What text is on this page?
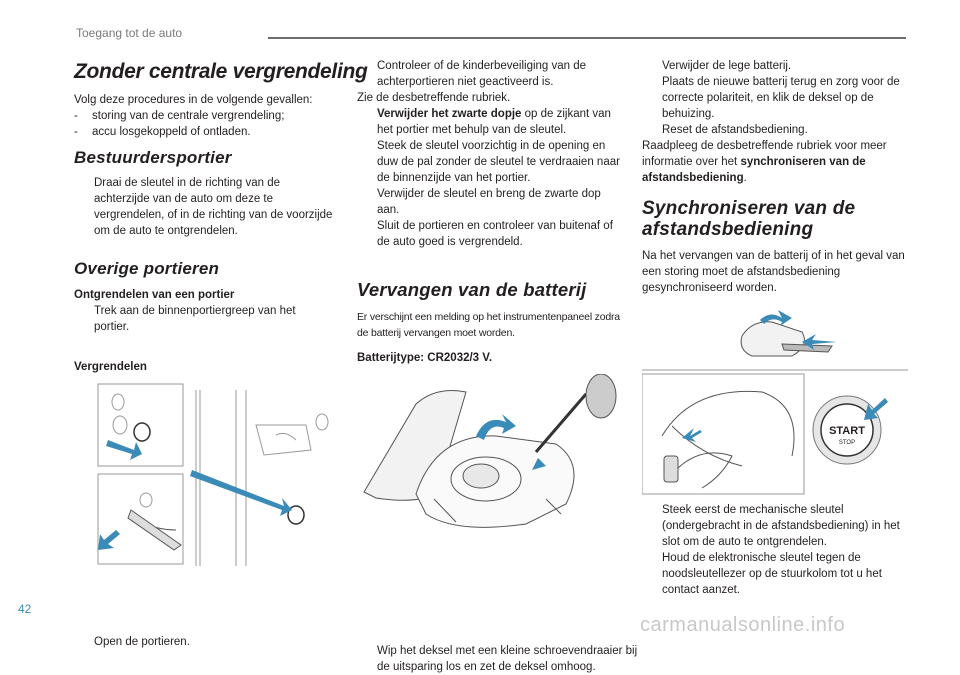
Toegang tot de auto
Zonder centrale vergrendeling
Volg deze procedures in de volgende gevallen:
- storing van de centrale vergrendeling;
- accu losgekoppeld of ontladen.
Bestuurdersportier
Draai de sleutel in de richting van de achterzijde van de auto om deze te vergrendelen, of in de richting van de voorzijde om de auto te ontgrendelen.
Overige portieren
Ontgrendelen van een portier
Trek aan de binnenportiergreep van het portier.
Vergrendelen
Open de portieren.
Controleer of de kinderbeveiliging van de achterportieren niet geactiveerd is.
Zie de desbetreffende rubriek.
Verwijder het zwarte dopje op de zijkant van het portier met behulp van de sleutel.
Steek de sleutel voorzichtig in de opening en duw de pal zonder de sleutel te verdraaien naar de binnenzijde van het portier.
Verwijder de sleutel en breng de zwarte dop aan.
Sluit de portieren en controleer van buitenaf of de auto goed is vergrendeld.
Vervangen van de batterij
Er verschijnt een melding op het instrumentenpaneel zodra de batterij vervangen moet worden.
Batterijtype: CR2032/3 V.
Wip het deksel met een kleine schroevendraaier bij de uitsparing los en zet de deksel omhoog.
Verwijder de lege batterij.
Plaats de nieuwe batterij terug en zorg voor de correcte polariteit, en klik de deksel op de behuizing.
Reset de afstandsbediening.
Raadpleeg de desbetreffende rubriek voor meer informatie over het synchroniseren van de afstandsbediening.
Synchroniseren van de afstandsbediening
Na het vervangen van de batterij of in het geval van een storing moet de afstandsbediening gesynchroniseerd worden.
START
STOP
Steek eerst de mechanische sleutel (ondergebracht in de afstandsbediening) in het slot om de auto te ontgrendelen.
Houd de elektronische sleutel tegen de noodsleutellezer op de stuurkolom tot u het contact aanzet.
42
carmanualsonline.info
